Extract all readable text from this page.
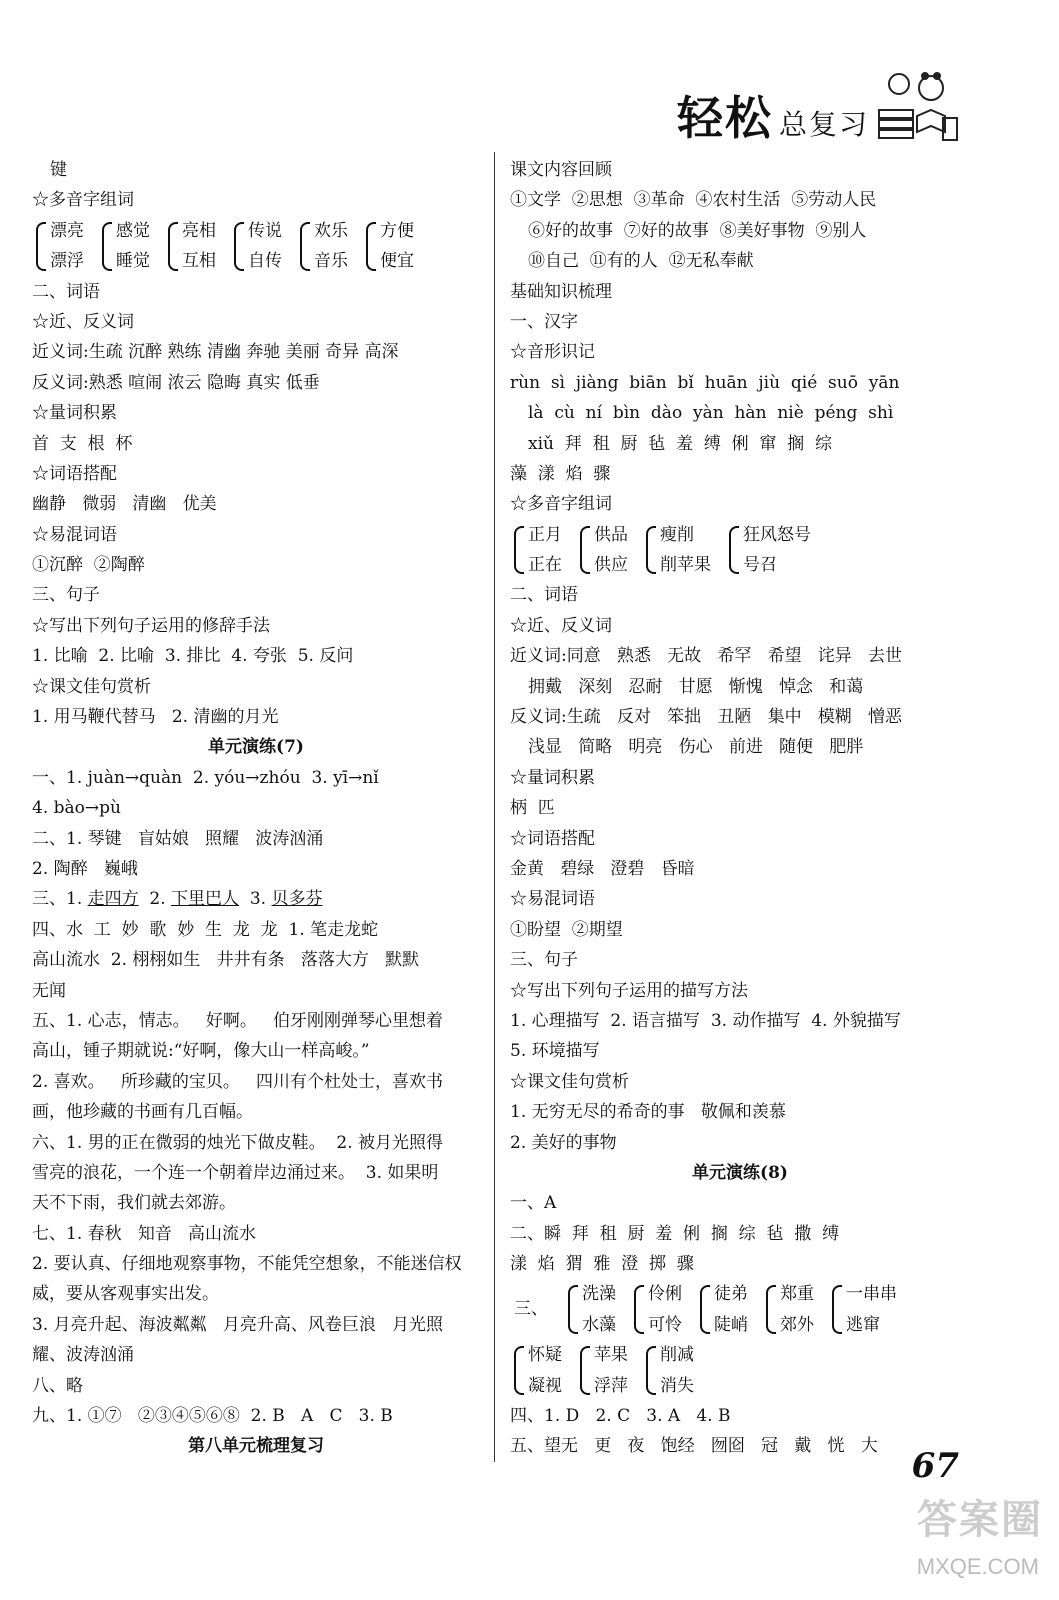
轻松 总复习
键
☆多音字组词
漂亮
漂浮
感觉
睡觉
亮相
互相
传说
自传
欢乐
音乐
方便
便宜
二、词语
☆近、反义词
近义词:生疏 沉醉 熟练 清幽 奔驰 美丽 奇异 高深
反义词:熟悉 喧闹 浓云 隐晦 真实 低垂
☆量词积累
首  支  根  杯
☆词语搭配
幽静   微弱   清幽   优美
☆易混词语
①沉醉  ②陶醉
三、句子
☆写出下列句子运用的修辞手法
1. 比喻  2. 比喻  3. 排比  4. 夸张  5. 反问
☆课文佳句赏析
1. 用马鞭代替马   2. 清幽的月光
单元演练(7)
一、1. juàn→quàn  2. yóu→zhóu  3. yī→nǐ
4. bào→pù
二、1. 琴键   盲姑娘   照耀   波涛汹涌
2. 陶醉   巍峨
三、1. 走四方  2. 下里巴人  3. 贝多芬
四、水  工  妙  歌  妙  生  龙  龙  1. 笔走龙蛇
高山流水  2. 栩栩如生   井井有条   落落大方   默默
无闻
五、1. 心志，情志。   好啊。   伯牙刚刚弹琴心里想着
高山，锺子期就说:“好啊，像大山一样高峻。”
2. 喜欢。   所珍藏的宝贝。   四川有个杜处士，喜欢书
画，他珍藏的书画有几百幅。
六、1. 男的正在微弱的烛光下做皮鞋。  2. 被月光照得
雪亮的浪花，一个连一个朝着岸边涌过来。  3. 如果明
天不下雨，我们就去郊游。
七、1. 春秋   知音   高山流水
2. 要认真、仔细地观察事物，不能凭空想象，不能迷信权
威，要从客观事实出发。
3. 月亮升起、海波粼粼   月亮升高、风卷巨浪   月光照
耀、波涛汹涌
八、略
九、1. ①⑦   ②③④⑤⑥⑧  2. B   A   C   3. B
第八单元梳理复习
课文内容回顾
①文学  ②思想  ③革命  ④农村生活  ⑤劳动人民
⑥好的故事  ⑦好的故事  ⑧美好事物  ⑨别人
⑩自己  ⑪有的人  ⑫无私奉献
基础知识梳理
一、汉字
☆音形识记
rùn  sì  jiàng  biān  bǐ  huān  jiù  qié  suō  yān
là  cù  ní  bìn  dào  yàn  hàn  niè  péng  shì
xiǔ  拜  租  厨  毡  羞  缚  俐  窜  搁  综
藻  漾  焰  骤
☆多音字组词
正月
正在
供品
供应
瘦削
削苹果
狂风怒号
号召
二、词语
☆近、反义词
近义词:同意   熟悉   无故   希罕   希望   诧异   去世
拥戴   深刻   忍耐   甘愿   惭愧   悼念   和蔼
反义词:生疏   反对   笨拙   丑陋   集中   模糊   憎恶
浅显   简略   明亮   伤心   前进   随便   肥胖
☆量词积累
柄  匹
☆词语搭配
金黄   碧绿   澄碧   昏暗
☆易混词语
①盼望  ②期望
三、句子
☆写出下列句子运用的描写方法
1. 心理描写  2. 语言描写  3. 动作描写  4. 外貌描写
5. 环境描写
☆课文佳句赏析
1. 无穷无尽的希奇的事   敬佩和羡慕
2. 美好的事物
单元演练(8)
一、A
二、瞬  拜  租  厨  羞  俐  搁  综  毡  撒  缚
漾  焰  猬  雅  澄  掷  骤
三、
洗澡
水藻
伶俐
可怜
徒弟
陡峭
郑重
郊外
一串串
逃窜
怀疑
凝视
苹果
浮萍
削减
消失
四、1. D   2. C   3. A   4. B
五、望无   更   夜   饱经   囫囵   冠   戴   恍   大 67
答案圈
MXQE.COM
